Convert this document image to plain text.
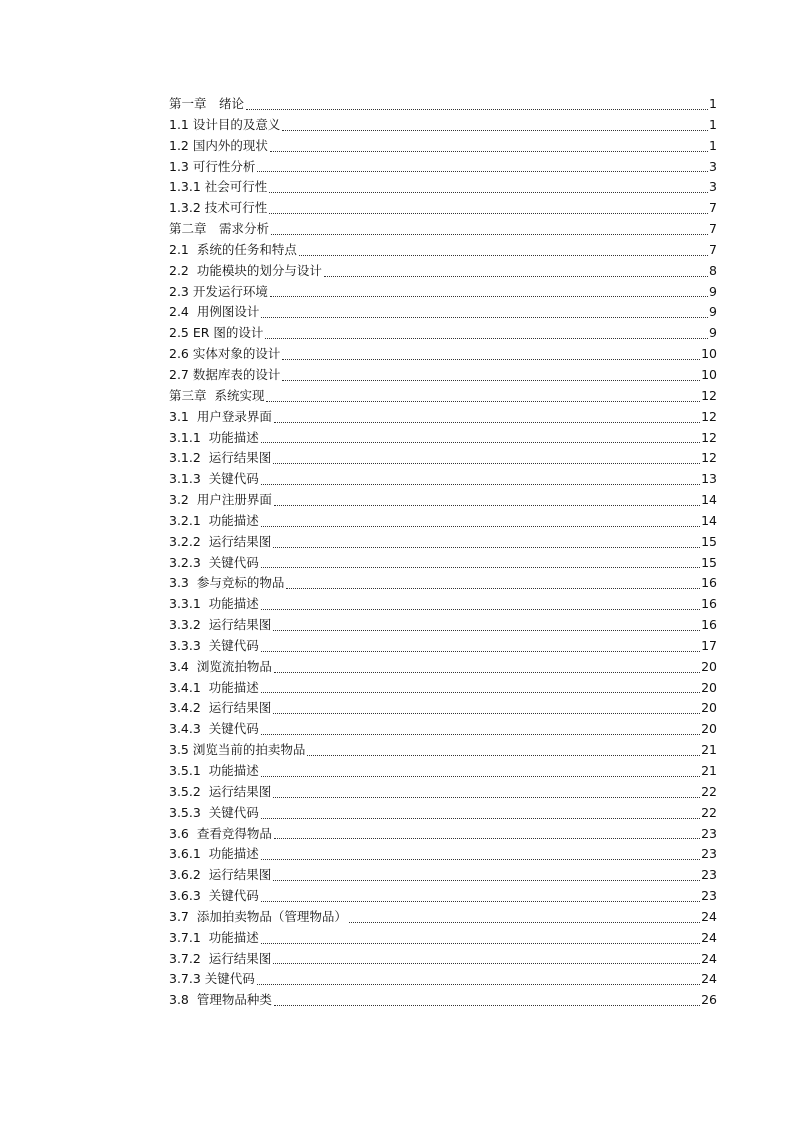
第一章　绪论	1
1.1 设计目的及意义	1
1.2 国内外的现状	1
1.3 可行性分析	3
1.3.1 社会可行性	3
1.3.2 技术可行性	7
第二章　需求分析	7
2.1  系统的任务和特点	7
2.2  功能模块的划分与设计	8
2.3 开发运行环境	9
2.4  用例图设计	9
2.5 ER 图的设计	9
2.6 实体对象的设计	10
2.7 数据库表的设计	10
第三章  系统实现	12
3.1  用户登录界面	12
3.1.1  功能描述	12
3.1.2  运行结果图	12
3.1.3  关键代码	13
3.2  用户注册界面	14
3.2.1  功能描述	14
3.2.2  运行结果图	15
3.2.3  关键代码	15
3.3  参与竞标的物品	16
3.3.1  功能描述	16
3.3.2  运行结果图	16
3.3.3  关键代码	17
3.4  浏览流拍物品	20
3.4.1  功能描述	20
3.4.2  运行结果图	20
3.4.3  关键代码	20
3.5 浏览当前的拍卖物品	21
3.5.1  功能描述	21
3.5.2  运行结果图	22
3.5.3  关键代码	22
3.6  查看竞得物品	23
3.6.1  功能描述	23
3.6.2  运行结果图	23
3.6.3  关键代码	23
3.7  添加拍卖物品（管理物品）	24
3.7.1  功能描述	24
3.7.2  运行结果图	24
3.7.3 关键代码	24
3.8  管理物品种类	26
